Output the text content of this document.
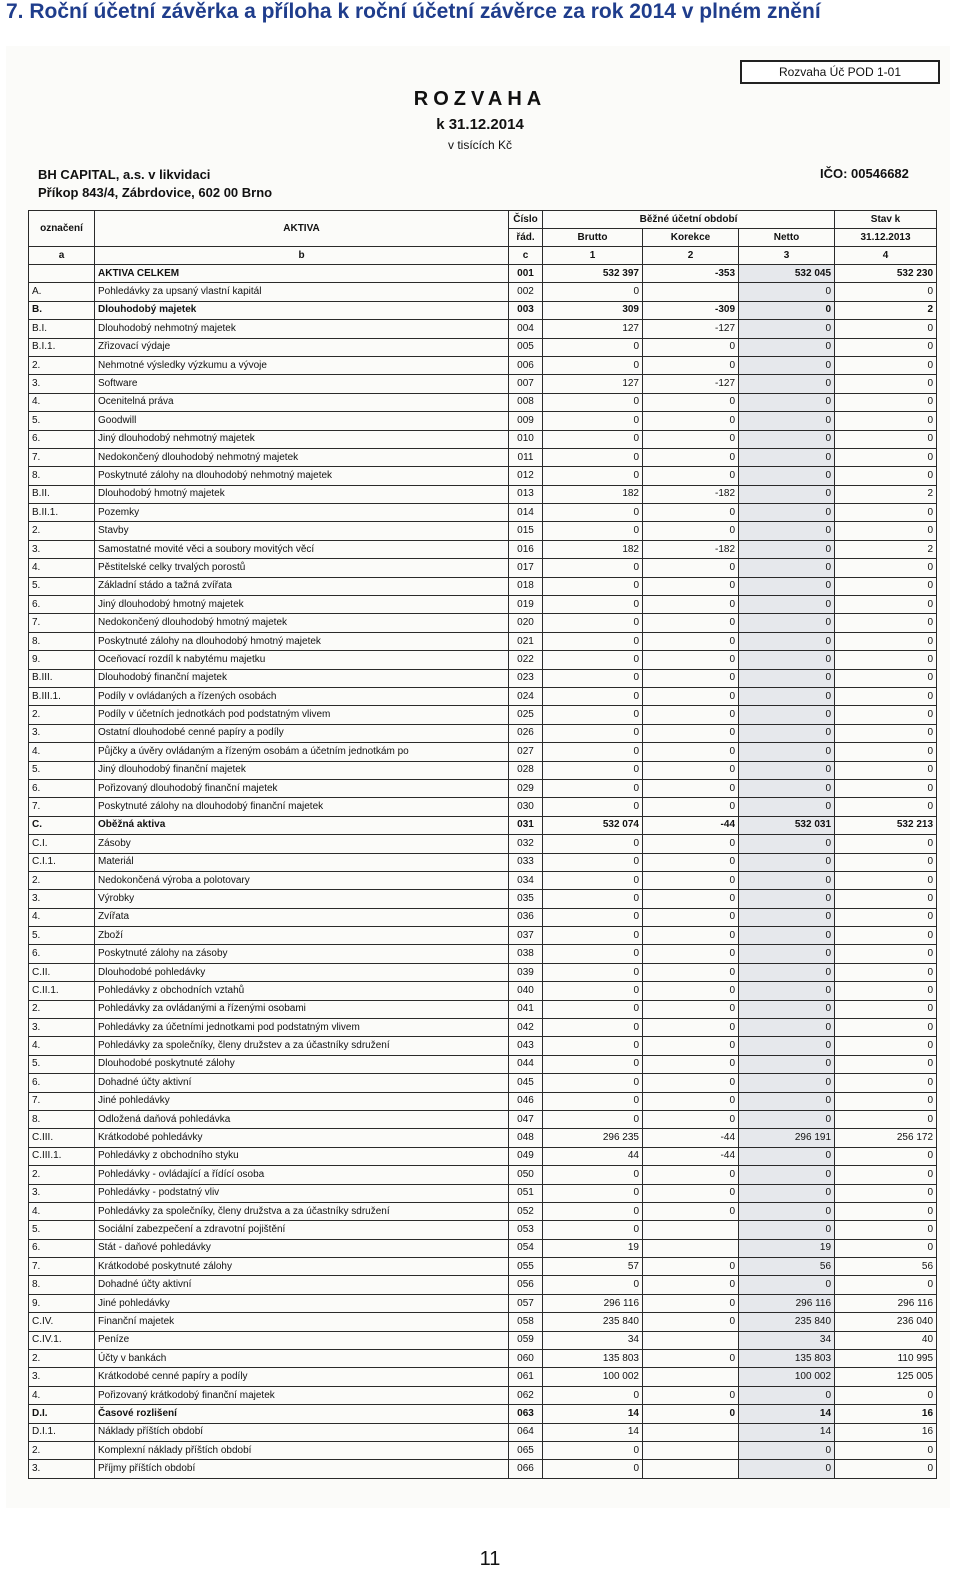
7. Roční účetní závěrka a příloha k roční účetní závěrce za rok 2014 v plném znění
Rozvaha Úč POD 1-01
ROZVAHA
k 31.12.2014
v tisících Kč
BH CAPITAL, a.s. v likvidaci
Příkop 843/4, Zábrdovice, 602 00 Brno
IČO: 00546682
označení	AKTIVA	Číslo	Běžné účetní období			Stav k
		řád.	Brutto	Korekce	Netto	31.12.2013
a	b	c	1	2	3	4
	AKTIVA CELKEM	001	532 397	-353	532 045	532 230
A.	Pohledávky za upsaný vlastní kapitál	002	0		0	0
B.	Dlouhodobý majetek	003	309	-309	0	2
B.I.	Dlouhodobý nehmotný majetek	004	127	-127	0	0
B.I.1.	Zřizovací výdaje	005	0	0	0	0
2.	Nehmotné výsledky výzkumu a vývoje	006	0	0	0	0
3.	Software	007	127	-127	0	0
4.	Ocenitelná práva	008	0	0	0	0
5.	Goodwill	009	0	0	0	0
6.	Jiný dlouhodobý nehmotný majetek	010	0	0	0	0
7.	Nedokončený dlouhodobý nehmotný majetek	011	0	0	0	0
8.	Poskytnuté zálohy na dlouhodobý nehmotný majetek	012	0	0	0	0
B.II.	Dlouhodobý hmotný majetek	013	182	-182	0	2
B.II.1.	Pozemky	014	0	0	0	0
2.	Stavby	015	0	0	0	0
3.	Samostatné movité věci a soubory movitých věcí	016	182	-182	0	2
4.	Pěstitelské celky trvalých porostů	017	0	0	0	0
5.	Základní stádo a tažná zvířata	018	0	0	0	0
6.	Jiný dlouhodobý hmotný majetek	019	0	0	0	0
7.	Nedokončený dlouhodobý hmotný majetek	020	0	0	0	0
8.	Poskytnuté zálohy na dlouhodobý hmotný majetek	021	0	0	0	0
9.	Oceňovací rozdíl k nabytému majetku	022	0	0	0	0
B.III.	Dlouhodobý finanční majetek	023	0	0	0	0
B.III.1.	Podíly v ovládaných a řízených osobách	024	0	0	0	0
2.	Podíly v účetních jednotkách pod podstatným vlivem	025	0	0	0	0
3.	Ostatní dlouhodobé cenné papíry a podíly	026	0	0	0	0
4.	Půjčky a úvěry ovládaným a řízeným osobám a účetním jednotkám po	027	0	0	0	0
5.	Jiný dlouhodobý finanční majetek	028	0	0	0	0
6.	Pořizovaný dlouhodobý finanční majetek	029	0	0	0	0
7.	Poskytnuté zálohy na dlouhodobý finanční majetek	030	0	0	0	0
C.	Oběžná aktiva	031	532 074	-44	532 031	532 213
C.I.	Zásoby	032	0	0	0	0
C.I.1.	Materiál	033	0	0	0	0
2.	Nedokončená výroba a polotovary	034	0	0	0	0
3.	Výrobky	035	0	0	0	0
4.	Zvířata	036	0	0	0	0
5.	Zboží	037	0	0	0	0
6.	Poskytnuté zálohy na zásoby	038	0	0	0	0
C.II.	Dlouhodobé pohledávky	039	0	0	0	0
C.II.1.	Pohledávky z obchodních vztahů	040	0	0	0	0
2.	Pohledávky za ovládanými a řízenými osobami	041	0	0	0	0
3.	Pohledávky za účetními jednotkami pod podstatným vlivem	042	0	0	0	0
4.	Pohledávky za společníky, členy družstev a za účastníky sdružení	043	0	0	0	0
5.	Dlouhodobé poskytnuté zálohy	044	0	0	0	0
6.	Dohadné účty aktivní	045	0	0	0	0
7.	Jiné pohledávky	046	0	0	0	0
8.	Odložená daňová pohledávka	047	0	0	0	0
C.III.	Krátkodobé pohledávky	048	296 235	-44	296 191	256 172
C.III.1.	Pohledávky z obchodního styku	049	44	-44	0	0
2.	Pohledávky - ovládající a řídící osoba	050	0	0	0	0
3.	Pohledávky - podstatný vliv	051	0	0	0	0
4.	Pohledávky za společníky, členy družstva a za účastníky sdružení	052	0	0	0	0
5.	Sociální zabezpečení a zdravotní pojištění	053	0		0	0
6.	Stát - daňové pohledávky	054	19		19	0
7.	Krátkodobé poskytnuté zálohy	055	57	0	56	56
8.	Dohadné účty aktivní	056	0	0	0	0
9.	Jiné pohledávky	057	296 116	0	296 116	296 116
C.IV.	Finanční majetek	058	235 840	0	235 840	236 040
C.IV.1.	Peníze	059	34		34	40
2.	Účty v bankách	060	135 803	0	135 803	110 995
3.	Krátkodobé cenné papíry a podíly	061	100 002		100 002	125 005
4.	Pořizovaný krátkodobý finanční majetek	062	0	0	0	0
D.I.	Časové rozlišení	063	14	0	14	16
D.I.1.	Náklady příštích období	064	14		14	16
2.	Komplexní náklady příštích období	065	0		0	0
3.	Příjmy příštích období	066	0		0	0
11
